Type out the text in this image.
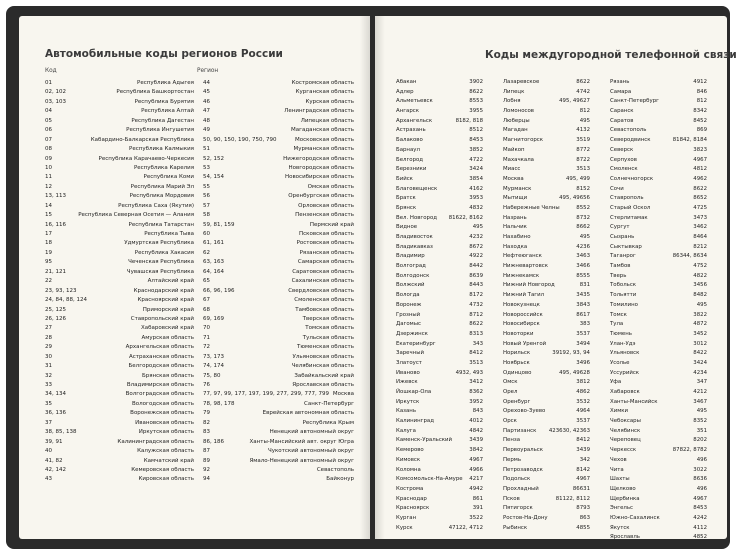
Автомобильные коды регионов России
Код	Регион
01	Республика Адыгея
02, 102	Республика Башкортостан
03, 103	Республика Бурятия
04	Республика Алтай
05	Республика Дагестан
06	Республика Ингушетия
07	Кабардино-Балкарская Республика
08	Республика Калмыкия
09	Республика Карачаево-Черкесия
10	Республика Карелия
11	Республика Коми
12	Республика Марий Эл
13, 113	Республика Мордовия
14	Республика Саха (Якутия)
15	Республика Северная Осетия — Алания
16, 116	Республика Татарстан
17	Республика Тыва
18	Удмуртская Республика
19	Республика Хакасия
95	Чеченская Республика
21, 121	Чувашская Республика
22	Алтайский край
23, 93, 123	Краснодарский край
24, 84, 88, 124	Красноярский край
25, 125	Приморский край
26, 126	Ставропольский край
27	Хабаровский край
28	Амурская область
29	Архангельская область
30	Астраханская область
31	Белгородская область
32	Брянская область
33	Владимирская область
34, 134	Волгоградская область
35	Вологодская область
36, 136	Воронежская область
37	Ивановская область
38, 85, 138	Иркутская область
39, 91	Калининградская область
40	Калужская область
41, 82	Камчатский край
42, 142	Кемеровская область
43	Кировская область
44	Костромская область
45	Курганская область
46	Курская область
47	Ленинградская область
48	Липецкая область
49	Магаданская область
50, 90, 150, 190, 750, 790	Московская область
51	Мурманская область
52, 152	Нижегородская область
53	Новгородская область
54, 154	Новосибирская область
55	Омская область
56	Оренбургская область
57	Орловская область
58	Пензенская область
59, 81, 159	Пермский край
60	Псковская область
61, 161	Ростовская область
62	Рязанская область
63, 163	Самарская область
64, 164	Саратовская область
65	Сахалинская область
66, 96, 196	Свердловская область
67	Смоленская область
68	Тамбовская область
69, 169	Тверская область
70	Томская область
71	Тульская область
72	Тюменская область
73, 173	Ульяновская область
74, 174	Челябинская область
75, 80	Забайкальский край
76	Ярославская область
77, 97, 99, 177, 197, 199, 277, 299, 777, 799 Москва
78, 98, 178	Санкт-Петербург
79	Еврейская автономная область
82	Республика Крым
83	Ненецкий автономный округ
86, 186	Ханты-Мансийский авт. округ Югра
87	Чукотский автономный округ
89	Ямало-Ненецкий автономный округ
92	Севастополь
94	Байконур
Коды междугородной телефонной связи
Абакан	3902
Адлер	8622
Альметьевск	8553
Ангарск	3955
Архангельск	8182, 818
Астрахань	8512
Балаково	8453
Барнаул	3852
Белгород	4722
Березники	3424
Бийск	3854
Благовещенск	4162
Братск	3953
Брянск	4832
Вел. Новгород 81622, 8162
Видное	495
Владивосток	4232
Владикавказ	8672
Владимир	4922
Волгоград	8442
Волгодонск	8639
Волжский	8443
Вологда	8172
Воронеж	4732
Грозный	8712
Дагомыс	8622
Дзержинск	8313
Екатеринбург	343
Заречный	8412
Златоуст	3513
Иваново	4932, 493
Ижевск	3412
Йошкар-Ола	8362
Иркутск	3952
Казань	843
Калининград	4012
Калуга	4842
Каменск-Уральский	3439
Кемерово	3842
Кимовск	4967
Коломна	4966
Комсомольск-На-Амуре 4217
Кострома	4942
Краснодар	861
Красноярск	391
Курган	3522
Курск	47122, 4712
Лазаревское	8622
Липецк	4742
Лобня	495, 49627
Ломоносов	812
Люберцы	495
Магадан	4132
Магнитогорск	3519
Майкоп	8772
Махачкала	8722
Миасс	3513
Москва	495, 499
Мурманск	8152
Мытищи	495, 49656
Набережные Челны	8552
Назрань	8732
Нальчик	8662
Нахабино	495
Находка	4236
Нефтеюганск	3463
Нижневартовск	3466
Нижнекамск	8555
Нижний Новгород	831
Нижний Тагил	3435
Новокузнецк	3843
Новороссийск	8617
Новосибирск	383
Новоторки	3537
Новый Уренгой	3494
Норильск	39192, 93, 94
Ноябрьск	3496
Одинцово	495, 49628
Омск	3812
Орел	4862
Оренбург	3532
Орехово-Зуево	4964
Орск	3537
Партизанск 423630, 42363
Пенза	8412
Первоуральск	3439
Пермь	342
Петрозаводск	8142
Подольск	4967
Прохладный	86631
Псков	81122, 8112
Пятигорск	8793
Ростов-На-Дону	863
Рыбинск	4855
Рязань	4912
Самара	846
Санкт-Петербург	812
Саранск	8342
Саратов	8452
Севастополь	869
Северодвинск	81842, 8184
Северск	3823
Серпухов	4967
Смоленск	4812
Солнечногорск	4962
Сочи	8622
Ставрополь	8652
Старый Оскол	4725
Стерлитамак	3473
Сургут	3462
Сызрань	8464
Сыктывкар	8212
Таганрог	86344, 8634
Тамбов	4752
Тверь	4822
Тобольск	3456
Тольятти	8482
Томилино	495
Томск	3822
Тула	4872
Тюмень	3452
Улан-Удэ	3012
Ульяновск	8422
Усолье	3424
Уссурийск	4234
Уфа	347
Хабаровск	4212
Ханты-Мансийск	3467
Химки	495
Чебоксары	8352
Челябинск	351
Череповец	8202
Черкесск	87822, 8782
Чехов	496
Чита	3022
Шахты	8636
Щелково	496
Щербинка	4967
Энгельс	8453
Южно-Сахалинск	4242
Якутск	4112
Ярославль	4852
